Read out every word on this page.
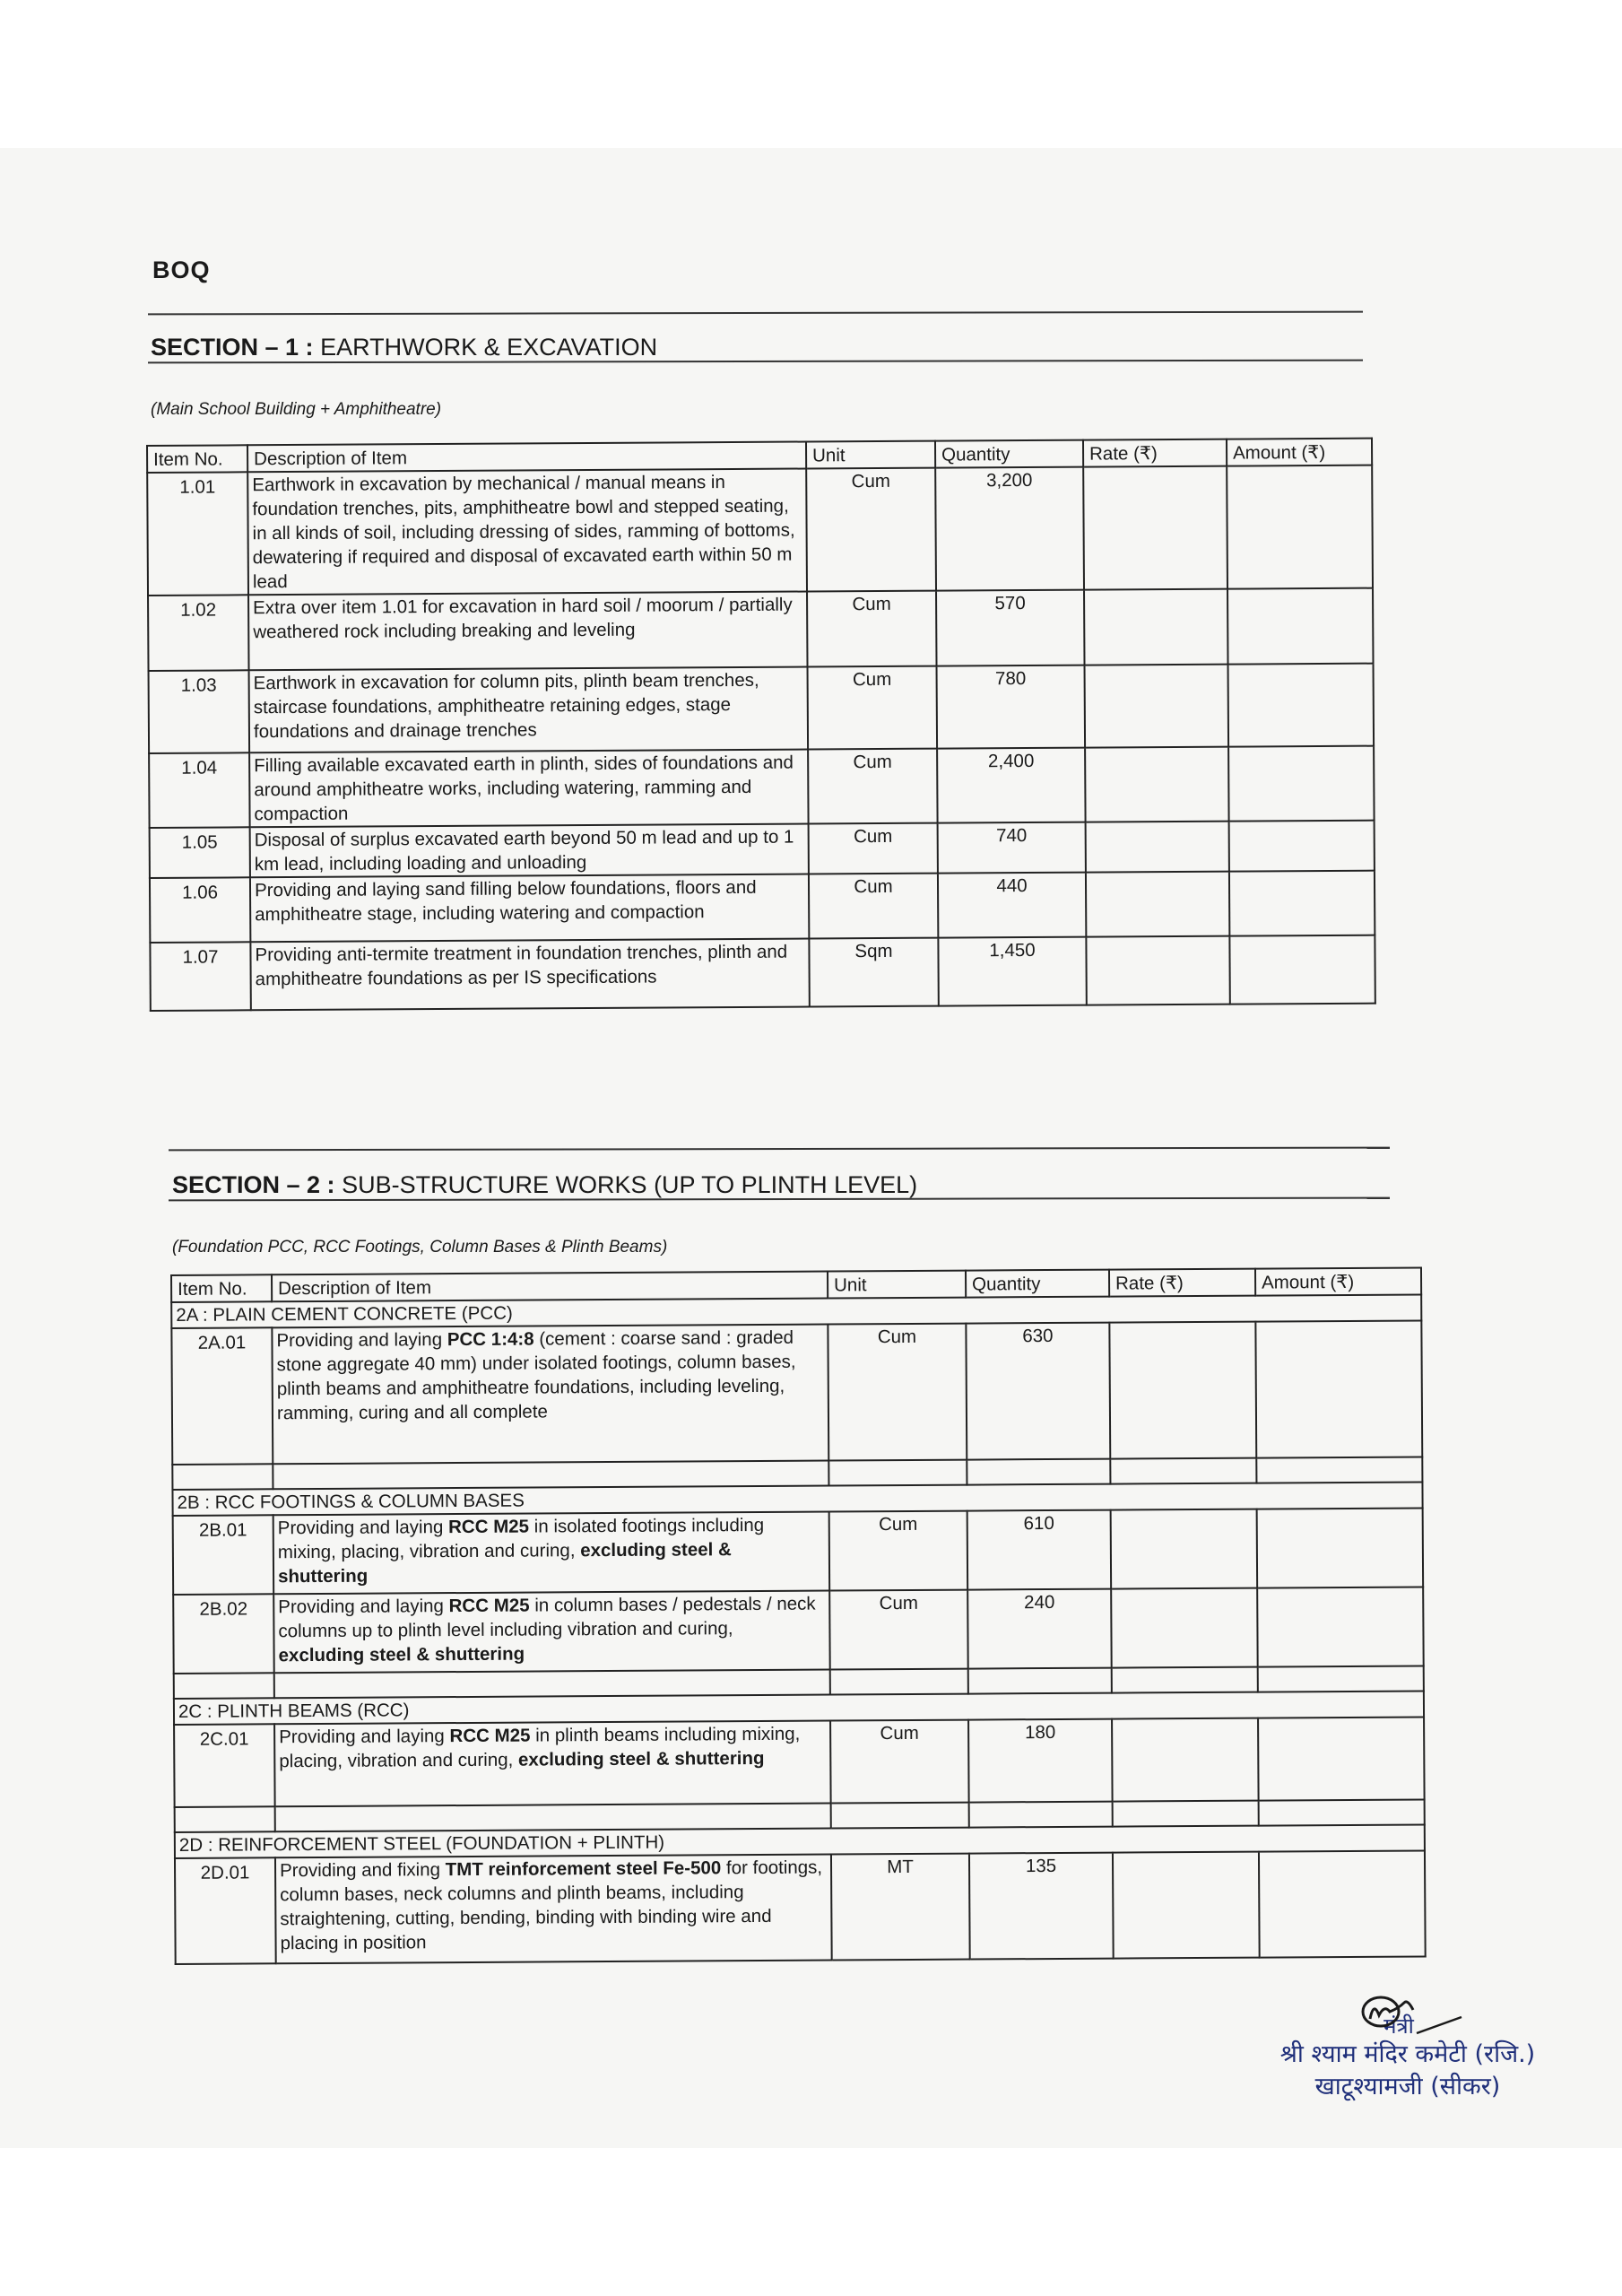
BOQ
SECTION – 1 : EARTHWORK & EXCAVATION
(Main School Building + Amphitheatre)
Item No.	Description of Item	Unit	Quantity	Rate (₹)	Amount (₹)
1.01	Earthwork in excavation by mechanical / manual means in foundation trenches, pits, amphitheatre bowl and stepped seating, in all kinds of soil, including dressing of sides, ramming of bottoms, dewatering if required and disposal of excavated earth within 50 m lead	Cum	3,200		
1.02	Extra over item 1.01 for excavation in hard soil / moorum / partially weathered rock including breaking and leveling	Cum	570		
1.03	Earthwork in excavation for column pits, plinth beam trenches, staircase foundations, amphitheatre retaining edges, stage foundations and drainage trenches	Cum	780		
1.04	Filling available excavated earth in plinth, sides of foundations and around amphitheatre works, including watering, ramming and compaction	Cum	2,400		
1.05	Disposal of surplus excavated earth beyond 50 m lead and up to 1 km lead, including loading and unloading	Cum	740		
1.06	Providing and laying sand filling below foundations, floors and amphitheatre stage, including watering and compaction	Cum	440		
1.07	Providing anti-termite treatment in foundation trenches, plinth and amphitheatre foundations as per IS specifications	Sqm	1,450		
SECTION – 2 : SUB-STRUCTURE WORKS (UP TO PLINTH LEVEL)
(Foundation PCC, RCC Footings, Column Bases & Plinth Beams)
Item No.	Description of Item	Unit	Quantity	Rate (₹)	Amount (₹)
2A : PLAIN CEMENT CONCRETE (PCC)					
2A.01	Providing and laying PCC 1:4:8 (cement : coarse sand : graded stone aggregate 40 mm) under isolated footings, column bases, plinth beams and amphitheatre foundations, including leveling, ramming, curing and all complete	Cum	630		

2B : RCC FOOTINGS & COLUMN BASES					
2B.01	Providing and laying RCC M25 in isolated footings including mixing, placing, vibration and curing, excluding steel & shuttering	Cum	610		
2B.02	Providing and laying RCC M25 in column bases / pedestals / neck columns up to plinth level including vibration and curing, excluding steel & shuttering	Cum	240		

2C : PLINTH BEAMS (RCC)					
2C.01	Providing and laying RCC M25 in plinth beams including mixing, placing, vibration and curing, excluding steel & shuttering	Cum	180		

2D : REINFORCEMENT STEEL (FOUNDATION + PLINTH)					
2D.01	Providing and fixing TMT reinforcement steel Fe-500 for footings, column bases, neck columns and plinth beams, including straightening, cutting, bending, binding with binding wire and placing in position	MT	135		
मंत्री
श्री श्याम मंदिर कमेटी (रजि.)
खाटूश्यामजी (सीकर)
